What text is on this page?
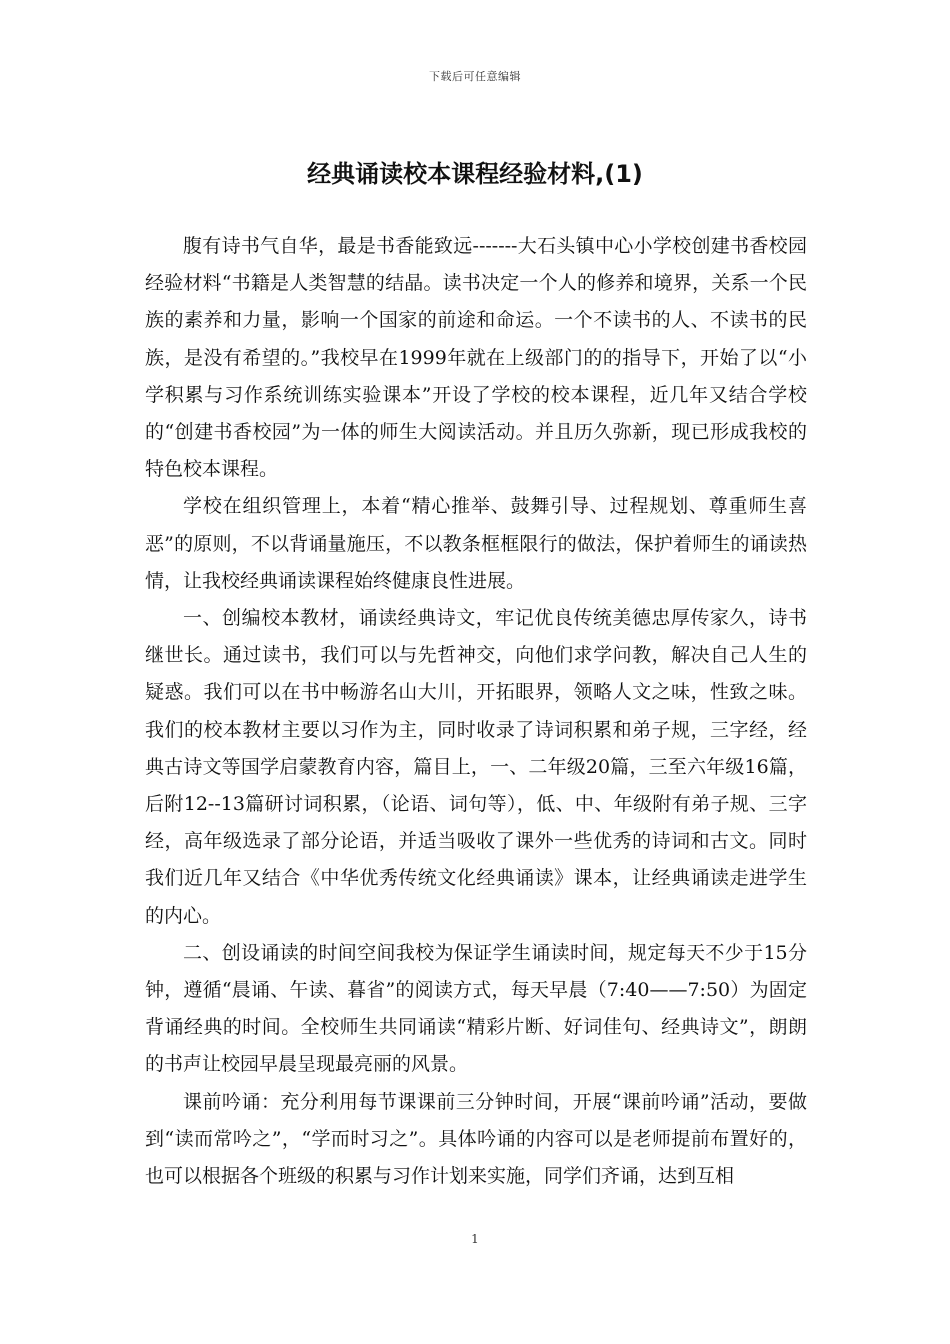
下载后可任意编辑
经典诵读校本课程经验材料,(1)

腹有诗书气自华，最是书香能致远-------大石头镇中心小学校创建书香校园经验材料“书籍是人类智慧的结晶。读书决定一个人的修养和境界，关系一个民族的素养和力量，影响一个国家的前途和命运。一个不读书的人、不读书的民族，是没有希望的。”我校早在1999年就在上级部门的的指导下，开始了以“小学积累与习作系统训练实验课本”开设了学校的校本课程，近几年又结合学校的“创建书香校园”为一体的师生大阅读活动。并且历久弥新，现已形成我校的特色校本课程。

学校在组织管理上，本着“精心推举、鼓舞引导、过程规划、尊重师生喜恶”的原则，不以背诵量施压，不以教条框框限行的做法，保护着师生的诵读热情，让我校经典诵读课程始终健康良性进展。

一、创编校本教材，诵读经典诗文，牢记优良传统美德忠厚传家久，诗书继世长。通过读书，我们可以与先哲神交，向他们求学问教，解决自己人生的疑惑。我们可以在书中畅游名山大川，开拓眼界，领略人文之味，性致之味。我们的校本教材主要以习作为主，同时收录了诗词积累和弟子规，三字经，经典古诗文等国学启蒙教育内容，篇目上，一、二年级20篇，三至六年级16篇，后附12--13篇研讨词积累，（论语、词句等），低、中、年级附有弟子规、三字经，高年级选录了部分论语，并适当吸收了课外一些优秀的诗词和古文。同时我们近几年又结合《中华优秀传统文化经典诵读》课本，让经典诵读走进学生的内心。

二、创设诵读的时间空间我校为保证学生诵读时间，规定每天不少于15分钟，遵循“晨诵、午读、暮省”的阅读方式，每天早晨（7:40——7:50）为固定背诵经典的时间。全校师生共同诵读“精彩片断、好词佳句、经典诗文”，朗朗的书声让校园早晨呈现最亮丽的风景。

课前吟诵：充分利用每节课课前三分钟时间，开展“课前吟诵”活动，要做到“读而常吟之”，“学而时习之”。具体吟诵的内容可以是老师提前布置好的，也可以根据各个班级的积累与习作计划来实施，同学们齐诵，达到互相

1
